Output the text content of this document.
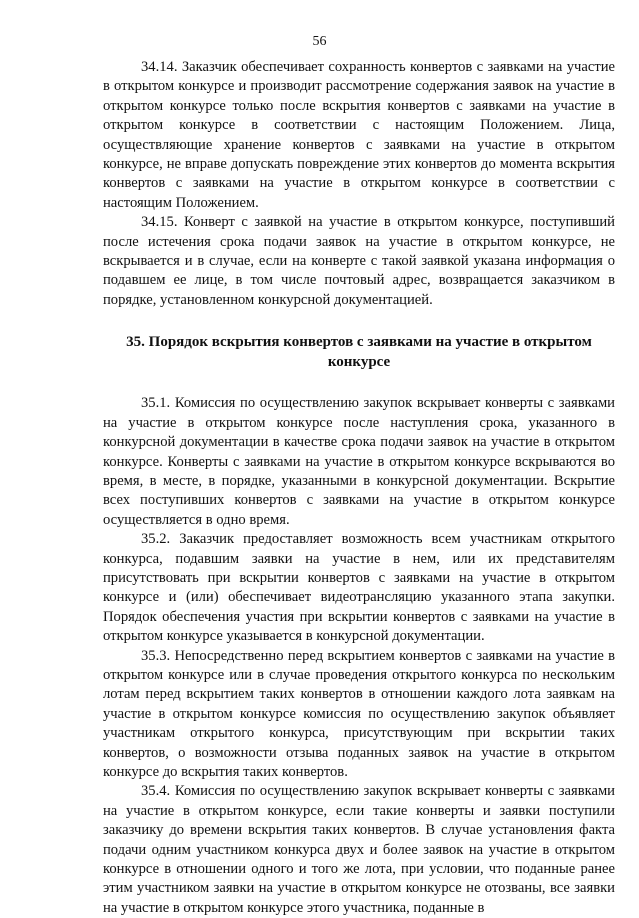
56

34.14. Заказчик обеспечивает сохранность конвертов с заявками на участие в открытом конкурсе и производит рассмотрение содержания заявок на участие в открытом конкурсе только после вскрытия конвертов с заявками на участие в открытом конкурсе в соответствии с настоящим Положением. Лица, осуществляющие хранение конвертов с заявками на участие в открытом конкурсе, не вправе допускать повреждение этих конвертов до момента вскрытия конвертов с заявками на участие в открытом конкурсе в соответствии с настоящим Положением.

34.15. Конверт с заявкой на участие в открытом конкурсе, поступивший после истечения срока подачи заявок на участие в открытом конкурсе, не вскрывается и в случае, если на конверте с такой заявкой указана информация о подавшем ее лице, в том числе почтовый адрес, возвращается заказчиком в порядке, установленном конкурсной документацией.

35. Порядок вскрытия конвертов с заявками на участие в открытом конкурсе

35.1. Комиссия по осуществлению закупок вскрывает конверты с заявками на участие в открытом конкурсе после наступления срока, указанного в конкурсной документации в качестве срока подачи заявок на участие в открытом конкурсе. Конверты с заявками на участие в открытом конкурсе вскрываются во время, в месте, в порядке, указанными в конкурсной документации. Вскрытие всех поступивших конвертов с заявками на участие в открытом конкурсе осуществляется в одно время.

35.2. Заказчик предоставляет возможность всем участникам открытого конкурса, подавшим заявки на участие в нем, или их представителям присутствовать при вскрытии конвертов с заявками на участие в открытом конкурсе и (или) обеспечивает видеотрансляцию указанного этапа закупки. Порядок обеспечения участия при вскрытии конвертов с заявками на участие в открытом конкурсе указывается в конкурсной документации.

35.3. Непосредственно перед вскрытием конвертов с заявками на участие в открытом конкурсе или в случае проведения открытого конкурса по нескольким лотам перед вскрытием таких конвертов в отношении каждого лота заявкам на участие в открытом конкурсе комиссия по осуществлению закупок объявляет участникам открытого конкурса, присутствующим при вскрытии таких конвертов, о возможности отзыва поданных заявок на участие в открытом конкурсе до вскрытия таких конвертов.

35.4. Комиссия по осуществлению закупок вскрывает конверты с заявками на участие в открытом конкурсе, если такие конверты и заявки поступили заказчику до времени вскрытия таких конвертов. В случае установления факта подачи одним участником конкурса двух и более заявок на участие в открытом конкурсе в отношении одного и того же лота, при условии, что поданные ранее этим участником заявки на участие в открытом конкурсе не отозваны, все заявки на участие в открытом конкурсе этого участника, поданные в
